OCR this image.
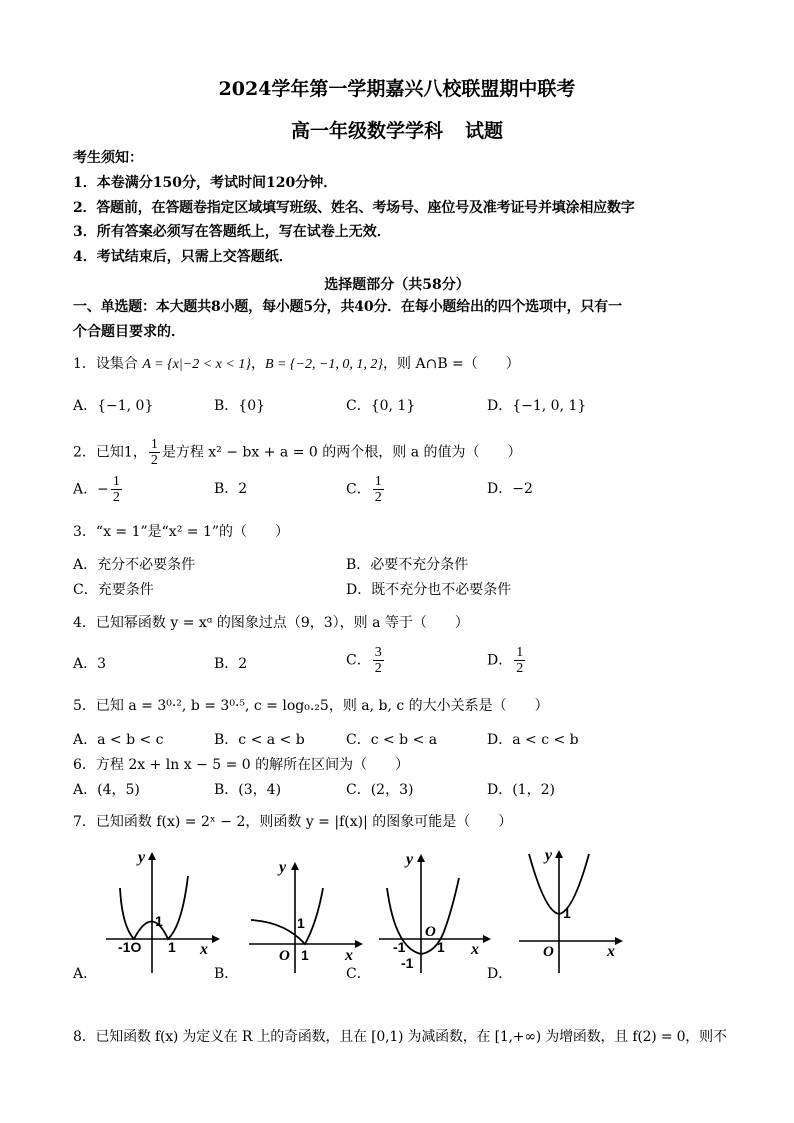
2024学年第一学期嘉兴八校联盟期中联考
高一年级数学学科 试题
考生须知：
1．本卷满分150分，考试时间120分钟．
2．答题前，在答题卷指定区域填写班级、姓名、考场号、座位号及准考证号并填涂相应数字
3．所有答案必须写在答题纸上，写在试卷上无效．
4．考试结束后，只需上交答题纸．
选择题部分（共58分）
一、单选题：本大题共8小题，每小题5分，共40分．在每小题给出的四个选项中，只有一
个合题目要求的．
1．设集合 A = {x|−2 < x < 1}，B = {−2, −1, 0, 1, 2}，则 A∩B =（　　）
A．{−1, 0}	B．{0}	C．{0, 1}	D．{−1, 0, 1}
2．已知1， $\frac{1}{2}$ 是方程 x² − bx + a = 0 的两个根，则 a 的值为（　　）
A．− $\frac{1}{2}$	B．2	C． $\frac{1}{2}$	D．−2
3．“x = 1”是“x² = 1”的（　　）
A．充分不必要条件	B．必要不充分条件
C．充要条件	D．既不充分也不必要条件
4．已知幂函数 y = xᵅ 的图象过点（9，3），则 a 等于（　　）
A．3	B．2	C． $\frac{3}{2}$	D． $\frac{1}{2}$
5．已知 a = 3⁰·², b = 3⁰·⁵, c = log₀.₂5，则 a, b, c 的大小关系是（　　）
A．a < b < c	B．c < a < b	C．c < b < a	D．a < c < b
6．方程 2x + ln x − 5 = 0 的解所在区间为（　　）
A．(4，5)	B．(3，4)	C．(2，3)	D．(1，2)
7．已知函数 f(x) = 2ˣ − 2，则函数 y = |f(x)| 的图象可能是（　　）
y
x
-1O 1
1
A．
y
x
O 1
1
B．
y
x
O
-1 1
-1
C．
y
x
O
1
D．
8．已知函数 f(x) 为定义在 R 上的奇函数，且在 [0,1) 为减函数，在 [1,+∞) 为增函数，且 f(2) = 0，则不
